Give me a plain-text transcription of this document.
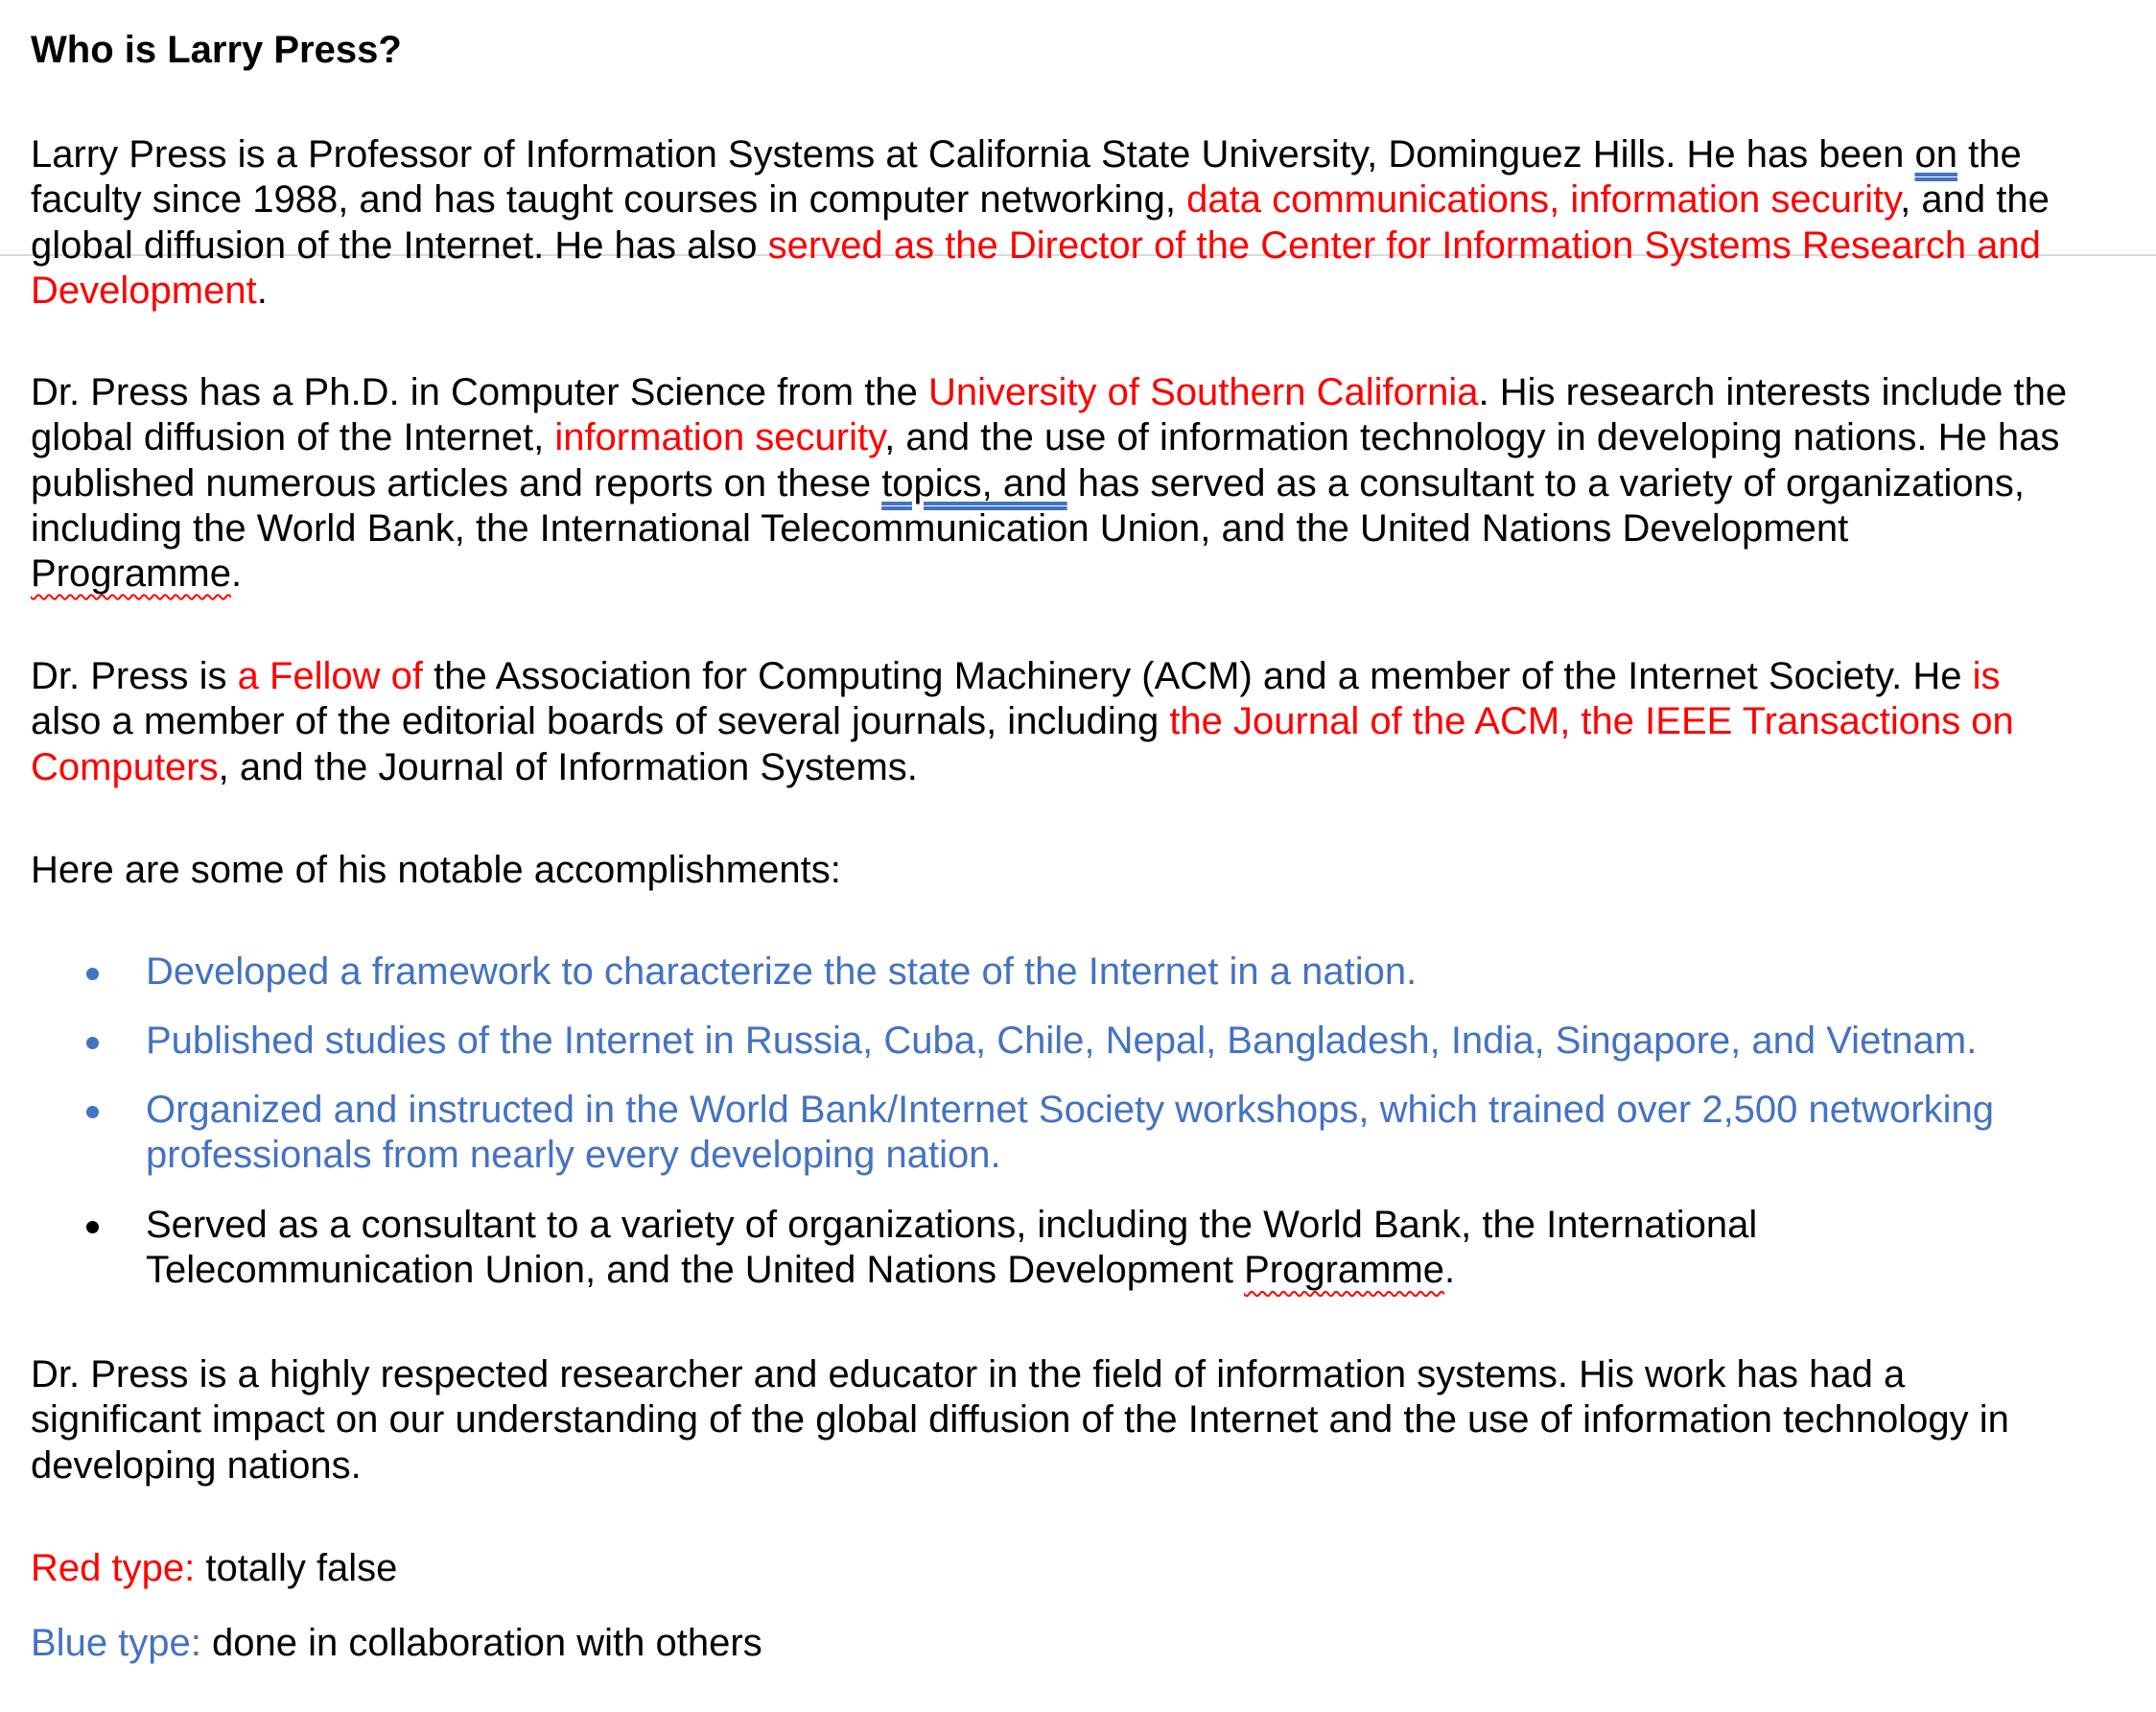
Who is Larry Press?

Larry Press is a Professor of Information Systems at California State University, Dominguez Hills. He has been on the
faculty since 1988, and has taught courses in computer networking, data communications, information security, and the
global diffusion of the Internet. He has also served as the Director of the Center for Information Systems Research and
Development.

Dr. Press has a Ph.D. in Computer Science from the University of Southern California. His research interests include the
global diffusion of the Internet, information security, and the use of information technology in developing nations. He has
published numerous articles and reports on these topics, and has served as a consultant to a variety of organizations,
including the World Bank, the International Telecommunication Union, and the United Nations Development
Programme.

Dr. Press is a Fellow of the Association for Computing Machinery (ACM) and a member of the Internet Society. He is
also a member of the editorial boards of several journals, including the Journal of the ACM, the IEEE Transactions on
Computers, and the Journal of Information Systems.

Here are some of his notable accomplishments:

Developed a framework to characterize the state of the Internet in a nation.
Published studies of the Internet in Russia, Cuba, Chile, Nepal, Bangladesh, India, Singapore, and Vietnam.
Organized and instructed in the World Bank/Internet Society workshops, which trained over 2,500 networking
professionals from nearly every developing nation.
Served as a consultant to a variety of organizations, including the World Bank, the International
Telecommunication Union, and the United Nations Development Programme.

Dr. Press is a highly respected researcher and educator in the field of information systems. His work has had a
significant impact on our understanding of the global diffusion of the Internet and the use of information technology in
developing nations.

Red type: totally false

Blue type: done in collaboration with others
